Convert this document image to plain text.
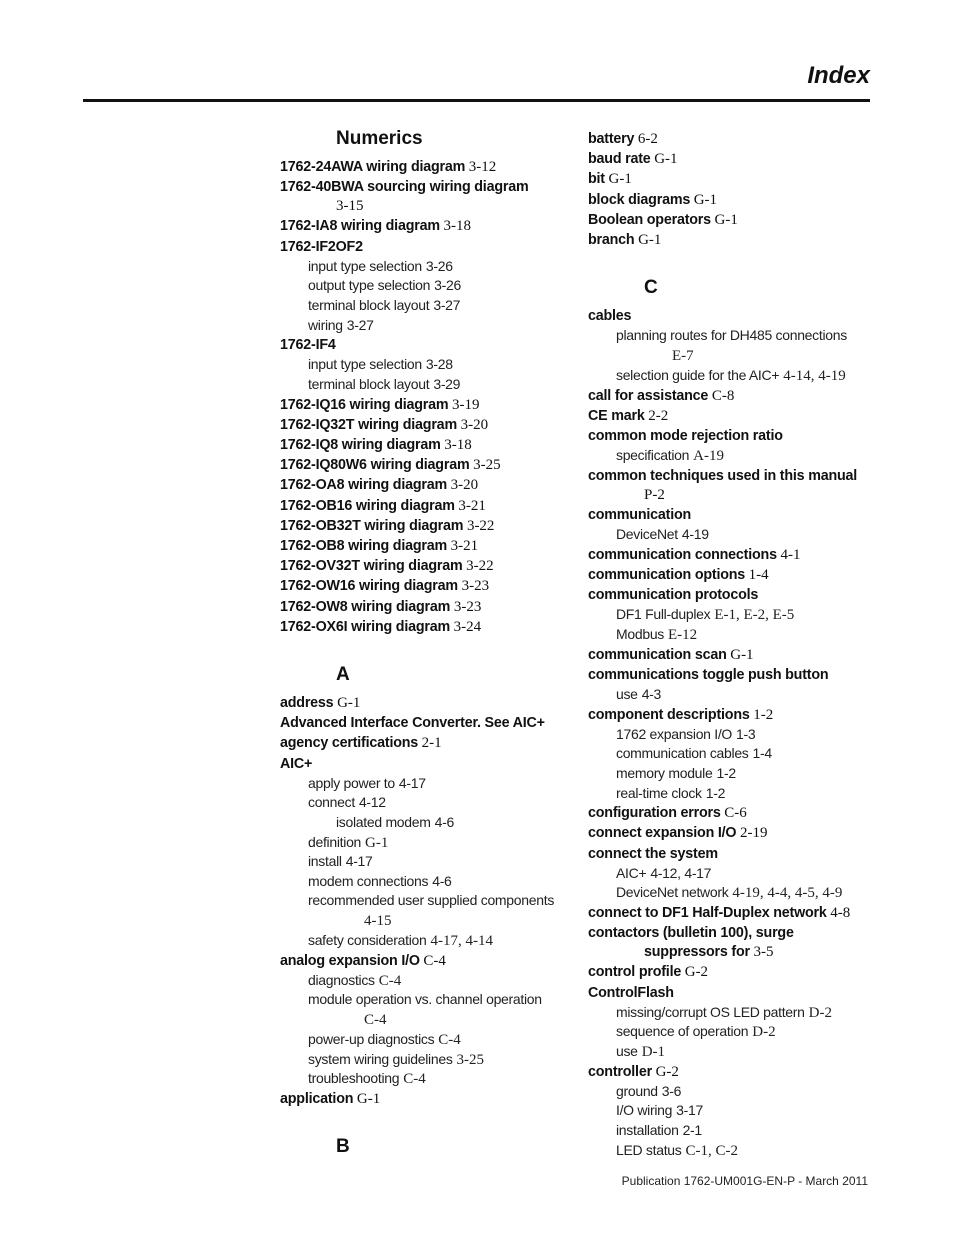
Index
Numerics
1762-24AWA wiring diagram 3-12
1762-40BWA sourcing wiring diagram
3-15
1762-IA8 wiring diagram 3-18
1762-IF2OF2
input type selection 3-26
output type selection 3-26
terminal block layout 3-27
wiring 3-27
1762-IF4
input type selection 3-28
terminal block layout 3-29
1762-IQ16 wiring diagram 3-19
1762-IQ32T wiring diagram 3-20
1762-IQ8 wiring diagram 3-18
1762-IQ80W6 wiring diagram 3-25
1762-OA8 wiring diagram 3-20
1762-OB16 wiring diagram 3-21
1762-OB32T wiring diagram 3-22
1762-OB8 wiring diagram 3-21
1762-OV32T wiring diagram 3-22
1762-OW16 wiring diagram 3-23
1762-OW8 wiring diagram 3-23
1762-OX6I wiring diagram 3-24
A
address G-1
Advanced Interface Converter. See AIC+
agency certifications 2-1
AIC+
apply power to 4-17
connect 4-12
isolated modem 4-6
definition G-1
install 4-17
modem connections 4-6
recommended user supplied components
4-15
safety consideration 4-17, 4-14
analog expansion I/O C-4
diagnostics C-4
module operation vs. channel operation
C-4
power-up diagnostics C-4
system wiring guidelines 3-25
troubleshooting C-4
application G-1
B
battery 6-2
baud rate G-1
bit G-1
block diagrams G-1
Boolean operators G-1
branch G-1
C
cables
planning routes for DH485 connections
E-7
selection guide for the AIC+ 4-14, 4-19
call for assistance C-8
CE mark 2-2
common mode rejection ratio
specification A-19
common techniques used in this manual
P-2
communication
DeviceNet 4-19
communication connections 4-1
communication options 1-4
communication protocols
DF1 Full-duplex E-1, E-2, E-5
Modbus E-12
communication scan G-1
communications toggle push button
use 4-3
component descriptions 1-2
1762 expansion I/O 1-3
communication cables 1-4
memory module 1-2
real-time clock 1-2
configuration errors C-6
connect expansion I/O 2-19
connect the system
AIC+ 4-12, 4-17
DeviceNet network 4-19, 4-4, 4-5, 4-9
connect to DF1 Half-Duplex network 4-8
contactors (bulletin 100), surge
suppressors for 3-5
control profile G-2
ControlFlash
missing/corrupt OS LED pattern D-2
sequence of operation D-2
use D-1
controller G-2
ground 3-6
I/O wiring 3-17
installation 2-1
LED status C-1, C-2
Publication 1762-UM001G-EN-P - March 2011
